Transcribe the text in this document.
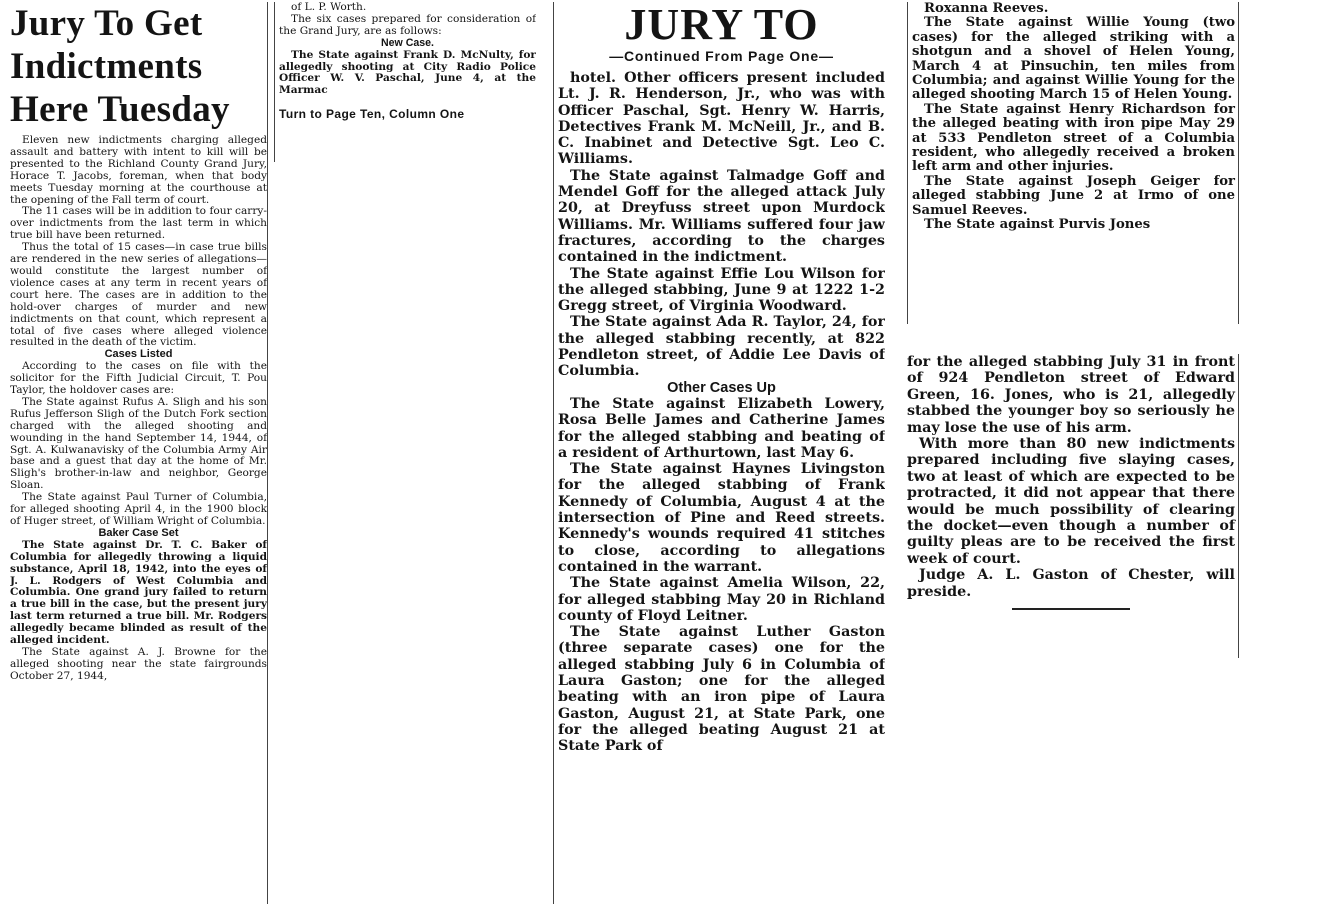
Jury To Get
Indictments
Here Tuesday

Eleven new indictments charging alleged assault and battery with intent to kill will be presented to the Richland County Grand Jury, Horace T. Jacobs, foreman, when that body meets Tuesday morning at the courthouse at the opening of the Fall term of court.

The 11 cases will be in addition to four carry-over indictments from the last term in which true bill have been returned.

Thus the total of 15 cases—in case true bills are rendered in the new series of allegations—would constitute the largest number of violence cases at any term in recent years of court here. The cases are in addition to the hold-over charges of murder and new indictments on that count, which represent a total of five cases where alleged violence resulted in the death of the victim.

Cases Listed

According to the cases on file with the solicitor for the Fifth Judicial Circuit, T. Pou Taylor, the holdover cases are:

The State against Rufus A. Sligh and his son Rufus Jefferson Sligh of the Dutch Fork section charged with the alleged shooting and wounding in the hand September 14, 1944, of Sgt. A. Kulwanavisky of the Columbia Army Air base and a guest that day at the home of Mr. Sligh's brother-in-law and neighbor, George Sloan.

The State against Paul Turner of Columbia, for alleged shooting April 4, in the 1900 block of Huger street, of William Wright of Columbia.

Baker Case Set

The State against Dr. T. C. Baker of Columbia for allegedly throwing a liquid substance, April 18, 1942, into the eyes of J. L. Rodgers of West Columbia and Columbia. One grand jury failed to return a true bill in the case, but the present jury last term returned a true bill. Mr. Rodgers allegedly became blinded as result of the alleged incident.

The State against A. J. Browne for the alleged shooting near the state fairgrounds October 27, 1944,

of L. P. Worth.

The six cases prepared for consideration of the Grand Jury, are as follows:

New Case.

The State against Frank D. McNulty, for allegedly shooting at City Radio Police Officer W. V. Paschal, June 4, at the Marmac

Turn to Page Ten, Column One
JURY TO
—Continued From Page One—

hotel. Other officers present included Lt. J. R. Henderson, Jr., who was with Officer Paschal, Sgt. Henry W. Harris, Detectives Frank M. McNeill, Jr., and B. C. Inabinet and Detective Sgt. Leo C. Williams.

The State against Talmadge Goff and Mendel Goff for the alleged attack July 20, at Dreyfuss street upon Murdock Williams. Mr. Williams suffered four jaw fractures, according to the charges contained in the indictment.

The State against Effie Lou Wilson for the alleged stabbing, June 9 at 1222 1-2 Gregg street, of Virginia Woodward.

The State against Ada R. Taylor, 24, for the alleged stabbing recently, at 822 Pendleton street, of Addie Lee Davis of Columbia.

Other Cases Up

The State against Elizabeth Lowery, Rosa Belle James and Catherine James for the alleged stabbing and beating of a resident of Arthurtown, last May 6.

The State against Haynes Livingston for the alleged stabbing of Frank Kennedy of Columbia, August 4 at the intersection of Pine and Reed streets. Kennedy's wounds required 41 stitches to close, according to allegations contained in the warrant.

The State against Amelia Wilson, 22, for alleged stabbing May 20 in Richland county of Floyd Leitner.

The State against Luther Gaston (three separate cases) one for the alleged stabbing July 6 in Columbia of Laura Gaston; one for the alleged beating with an iron pipe of Laura Gaston, August 21, at State Park, one for the alleged beating August 21 at State Park of

Roxanna Reeves.

The State against Willie Young (two cases) for the alleged striking with a shotgun and a shovel of Helen Young, March 4 at Pinsuchin, ten miles from Columbia; and against Willie Young for the alleged shooting March 15 of Helen Young.

The State against Henry Richardson for the alleged beating with iron pipe May 29 at 533 Pendleton street of a Columbia resident, who allegedly received a broken left arm and other injuries.

The State against Joseph Geiger for alleged stabbing June 2 at Irmo of one Samuel Reeves.

The State against Purvis Jones

for the alleged stabbing July 31 in front of 924 Pendleton street of Edward Green, 16. Jones, who is 21, allegedly stabbed the younger boy so seriously he may lose the use of his arm.

With more than 80 new indictments prepared including five slaying cases, two at least of which are expected to be protracted, it did not appear that there would be much possibility of clearing the docket—even though a number of guilty pleas are to be received the first week of court.

Judge A. L. Gaston of Chester, will preside.
